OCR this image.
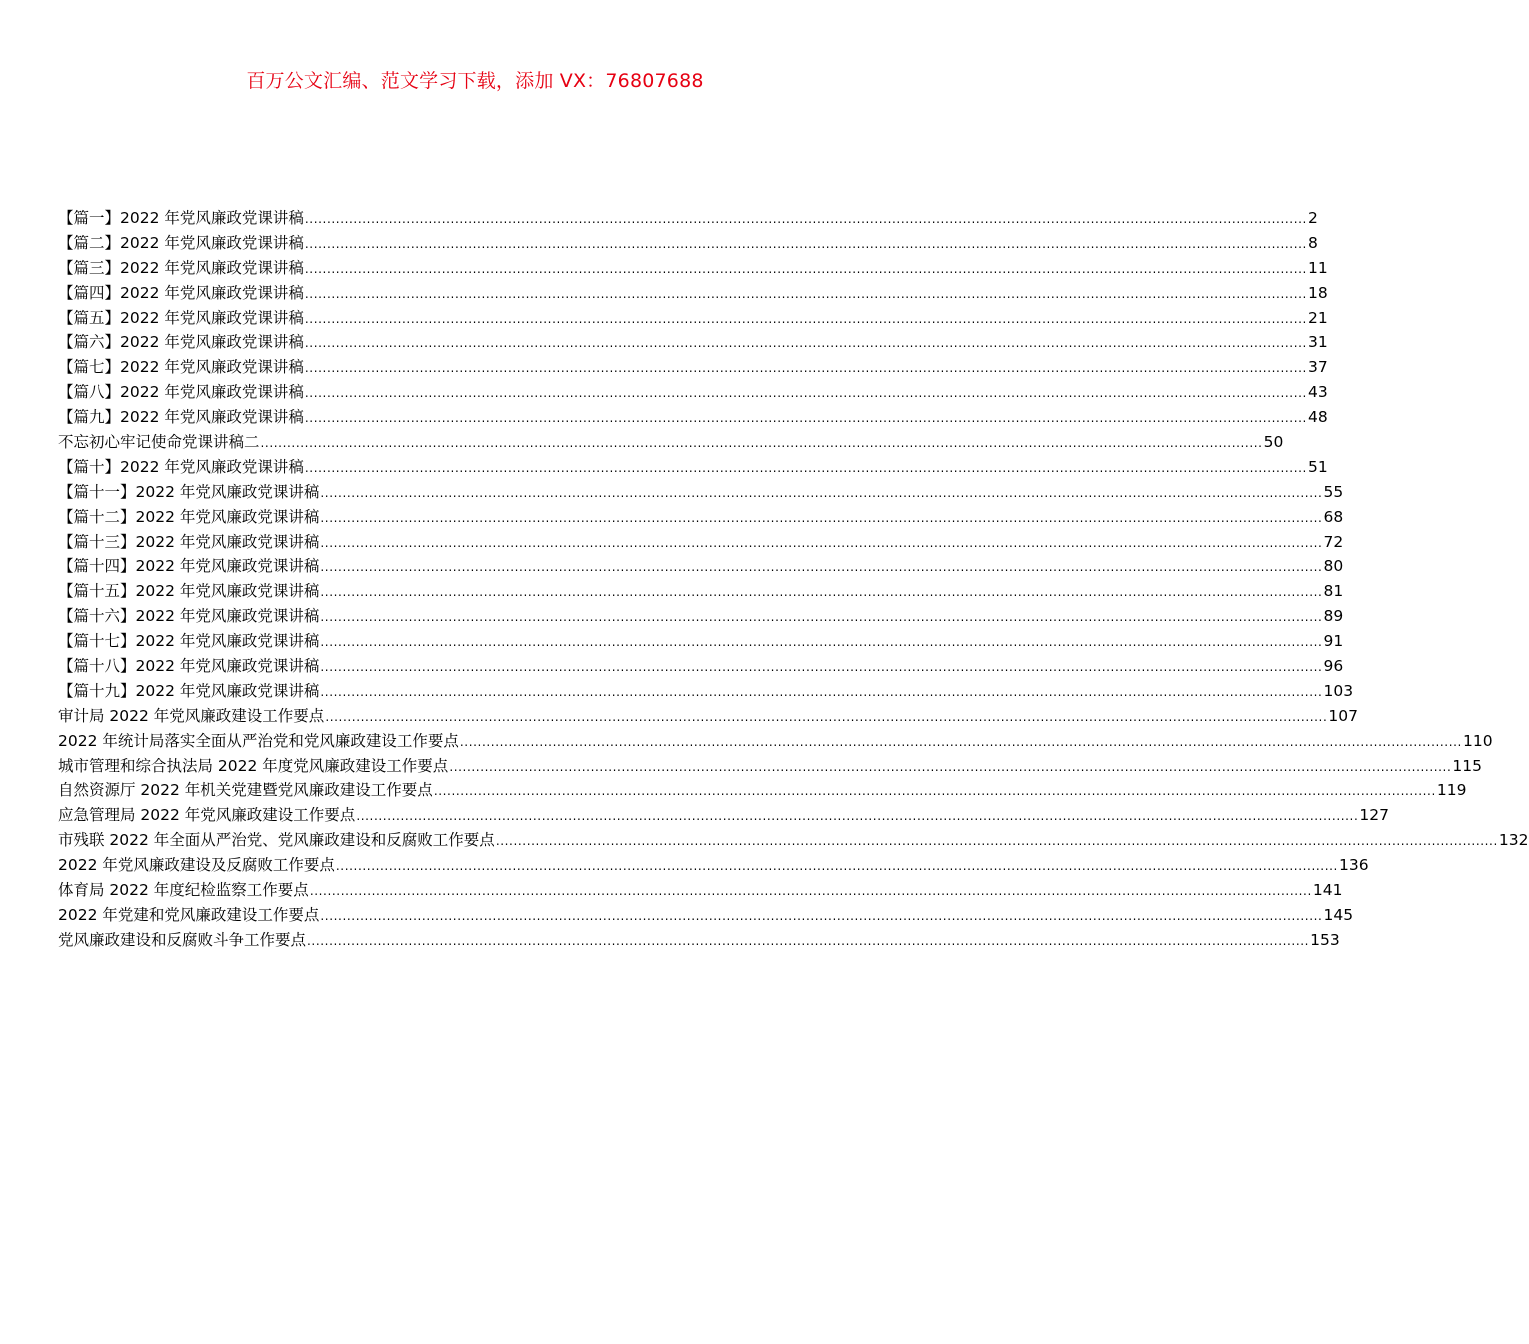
百万公文汇编、范文学习下载，添加 VX：76807688
【篇一】2022 年党风廉政党课讲稿 ................................................................................................................................................................................................................................... 2
【篇二】2022 年党风廉政党课讲稿 ................................................................................................................................................................................................................................... 8
【篇三】2022 年党风廉政党课讲稿 ................................................................................................................................................................................................................................... 11
【篇四】2022 年党风廉政党课讲稿 ................................................................................................................................................................................................................................... 18
【篇五】2022 年党风廉政党课讲稿 ................................................................................................................................................................................................................................... 21
【篇六】2022 年党风廉政党课讲稿 ................................................................................................................................................................................................................................... 31
【篇七】2022 年党风廉政党课讲稿 ................................................................................................................................................................................................................................... 37
【篇八】2022 年党风廉政党课讲稿 ................................................................................................................................................................................................................................... 43
【篇九】2022 年党风廉政党课讲稿 ................................................................................................................................................................................................................................... 48
不忘初心牢记使命党课讲稿二 ................................................................................................................................................................................................................................... 50
【篇十】2022 年党风廉政党课讲稿 ................................................................................................................................................................................................................................... 51
【篇十一】2022 年党风廉政党课讲稿 ................................................................................................................................................................................................................................... 55
【篇十二】2022 年党风廉政党课讲稿 ................................................................................................................................................................................................................................... 68
【篇十三】2022 年党风廉政党课讲稿 ................................................................................................................................................................................................................................... 72
【篇十四】2022 年党风廉政党课讲稿 ................................................................................................................................................................................................................................... 80
【篇十五】2022 年党风廉政党课讲稿 ................................................................................................................................................................................................................................... 81
【篇十六】2022 年党风廉政党课讲稿 ................................................................................................................................................................................................................................... 89
【篇十七】2022 年党风廉政党课讲稿 ................................................................................................................................................................................................................................... 91
【篇十八】2022 年党风廉政党课讲稿 ................................................................................................................................................................................................................................... 96
【篇十九】2022 年党风廉政党课讲稿 ................................................................................................................................................................................................................................... 103
审计局 2022 年党风廉政建设工作要点 ................................................................................................................................................................................................................................... 107
2022 年统计局落实全面从严治党和党风廉政建设工作要点 ................................................................................................................................................................................................................................... 110
城市管理和综合执法局 2022 年度党风廉政建设工作要点 ................................................................................................................................................................................................................................... 115
自然资源厅 2022 年机关党建暨党风廉政建设工作要点 ................................................................................................................................................................................................................................... 119
应急管理局 2022 年党风廉政建设工作要点 ................................................................................................................................................................................................................................... 127
市残联 2022 年全面从严治党、党风廉政建设和反腐败工作要点 ................................................................................................................................................................................................................................... 132
2022 年党风廉政建设及反腐败工作要点 ................................................................................................................................................................................................................................... 136
体育局 2022 年度纪检监察工作要点 ................................................................................................................................................................................................................................... 141
2022 年党建和党风廉政建设工作要点 ................................................................................................................................................................................................................................... 145
党风廉政建设和反腐败斗争工作要点 ................................................................................................................................................................................................................................... 153
